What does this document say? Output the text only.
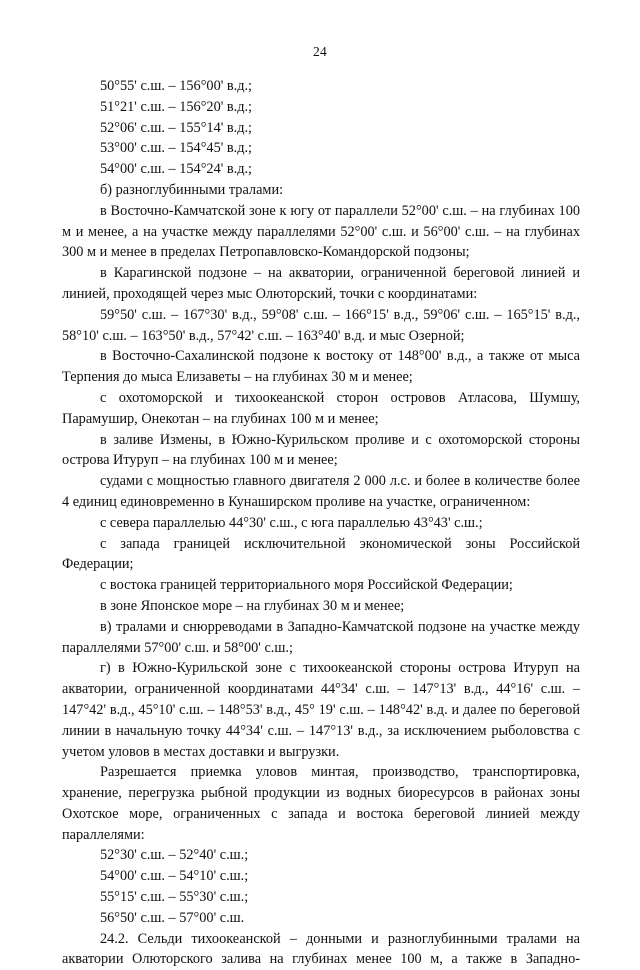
24

50°55' с.ш. – 156°00' в.д.;

51°21' с.ш. – 156°20' в.д.;

52°06' с.ш. – 155°14' в.д.;

53°00' с.ш. – 154°45' в.д.;

54°00' с.ш. – 154°24' в.д.;

б) разноглубинными тралами:

в Восточно-Камчатской зоне к югу от параллели 52°00' с.ш. – на глубинах 100 м и менее, а на участке между параллелями 52°00' с.ш. и 56°00' с.ш. – на глубинах 300 м и менее в пределах Петропавловско-Командорской подзоны;

в Карагинской подзоне – на акватории, ограниченной береговой линией и линией, проходящей через мыс Олюторский, точки с координатами:

59°50' с.ш. – 167°30' в.д., 59°08' с.ш. – 166°15' в.д., 59°06' с.ш. – 165°15' в.д., 58°10' с.ш. – 163°50' в.д., 57°42' с.ш. – 163°40' в.д. и мыс Озерной;

в Восточно-Сахалинской подзоне к востоку от 148°00' в.д., а также от мыса Терпения до мыса Елизаветы – на глубинах 30 м и менее;

с охотоморской и тихоокеанской сторон островов Атласова, Шумшу, Парамушир, Онекотан – на глубинах 100 м и менее;

в заливе Измены, в Южно-Курильском проливе и с охотоморской стороны острова Итуруп – на глубинах 100 м и менее;

судами с мощностью главного двигателя 2 000 л.с. и более в количестве более 4 единиц единовременно в Кунаширском проливе на участке, ограниченном:

с севера параллелью 44°30' с.ш., с юга параллелью 43°43' с.ш.;

с запада границей исключительной экономической зоны Российской Федерации;

с востока границей территориального моря Российской Федерации;

в зоне Японское море – на глубинах 30 м и менее;

в) тралами и снюрреводами в Западно-Камчатской подзоне на участке между параллелями 57°00' с.ш. и 58°00' с.ш.;

г) в Южно-Курильской зоне с тихоокеанской стороны острова Итуруп на акватории, ограниченной координатами 44°34' с.ш. – 147°13' в.д., 44°16' с.ш. – 147°42' в.д., 45°10' с.ш. – 148°53' в.д., 45° 19' с.ш. – 148°42' в.д. и далее по береговой линии в начальную точку 44°34' с.ш. – 147°13' в.д., за исключением рыболовства с учетом уловов в местах доставки и выгрузки.

Разрешается приемка уловов минтая, производство, транспортировка, хранение, перегрузка рыбной продукции из водных биоресурсов в районах зоны Охотское море, ограниченных с запада и востока береговой линией между параллелями:

52°30' с.ш. – 52°40' с.ш.;

54°00' с.ш. – 54°10' с.ш.;

55°15' с.ш. – 55°30' с.ш.;

56°50' с.ш. – 57°00' с.ш.

24.2. Сельди тихоокеанской – донными и разноглубинными тралами на акватории Олюторского залива на глубинах менее 100 м, а также в Западно-
